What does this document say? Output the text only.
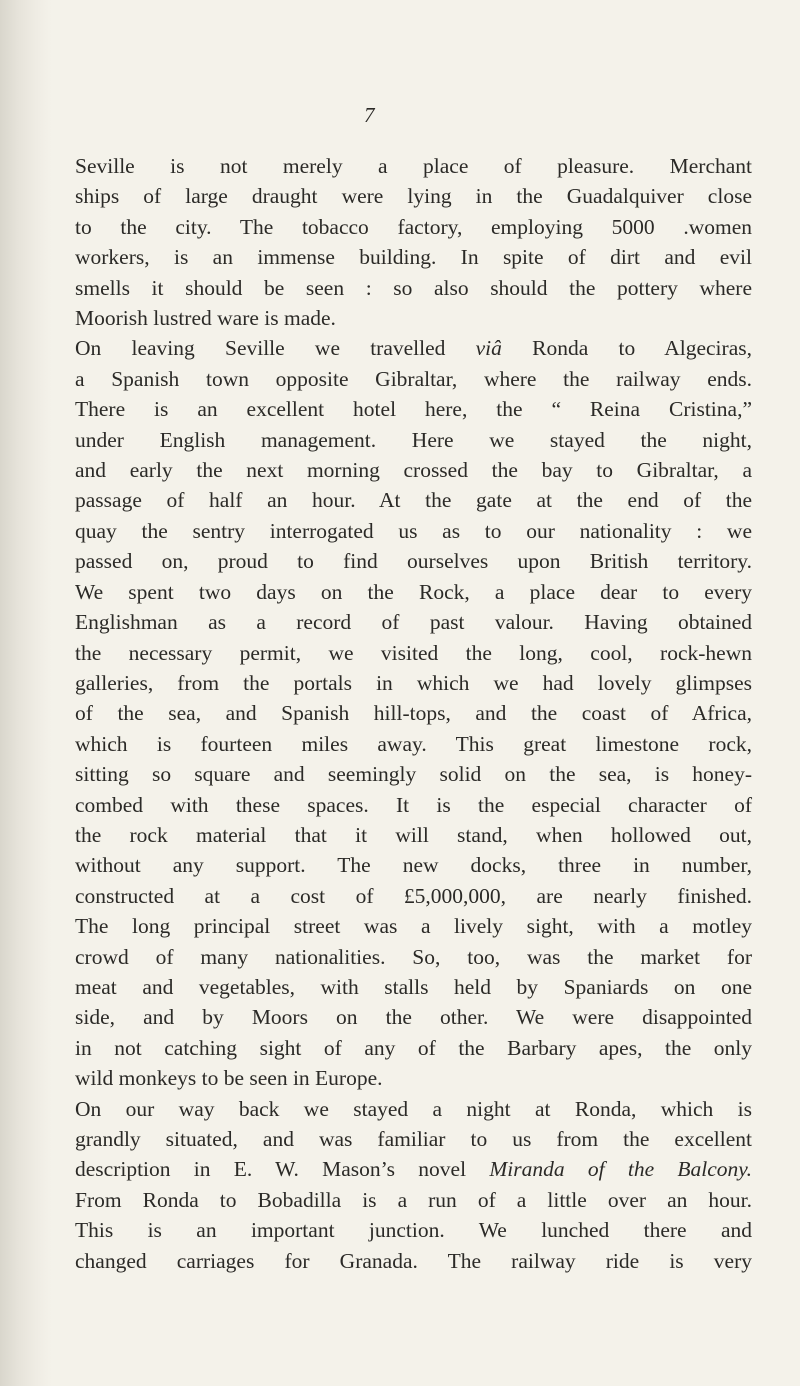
7

Seville is not merely a place of pleasure. Merchant
ships of large draught were lying in the Guadalquiver close
to the city. The tobacco factory, employing 5000 .women
workers, is an immense building. In spite of dirt and evil
smells it should be seen : so also should the pottery where
Moorish lustred ware is made.

On leaving Seville we travelled viâ Ronda to Algeciras,
a Spanish town opposite Gibraltar, where the railway ends.
There is an excellent hotel here, the “ Reina Cristina,”
under English management. Here we stayed the night,
and early the next morning crossed the bay to Gibraltar, a
passage of half an hour. At the gate at the end of the
quay the sentry interrogated us as to our nationality : we
passed on, proud to find ourselves upon British territory.
We spent two days on the Rock, a place dear to every
Englishman as a record of past valour. Having obtained
the necessary permit, we visited the long, cool, rock-hewn
galleries, from the portals in which we had lovely glimpses
of the sea, and Spanish hill-tops, and the coast of Africa,
which is fourteen miles away. This great limestone rock,
sitting so square and seemingly solid on the sea, is honey-
combed with these spaces. It is the especial character of
the rock material that it will stand, when hollowed out,
without any support. The new docks, three in number,
constructed at a cost of £5,000,000, are nearly finished.
The long principal street was a lively sight, with a motley
crowd of many nationalities. So, too, was the market for
meat and vegetables, with stalls held by Spaniards on one
side, and by Moors on the other. We were disappointed
in not catching sight of any of the Barbary apes, the only
wild monkeys to be seen in Europe.

On our way back we stayed a night at Ronda, which is
grandly situated, and was familiar to us from the excellent
description in E. W. Mason’s novel Miranda of the Balcony.
From Ronda to Bobadilla is a run of a little over an hour.
This is an important junction. We lunched there and
changed carriages for Granada. The railway ride is very
